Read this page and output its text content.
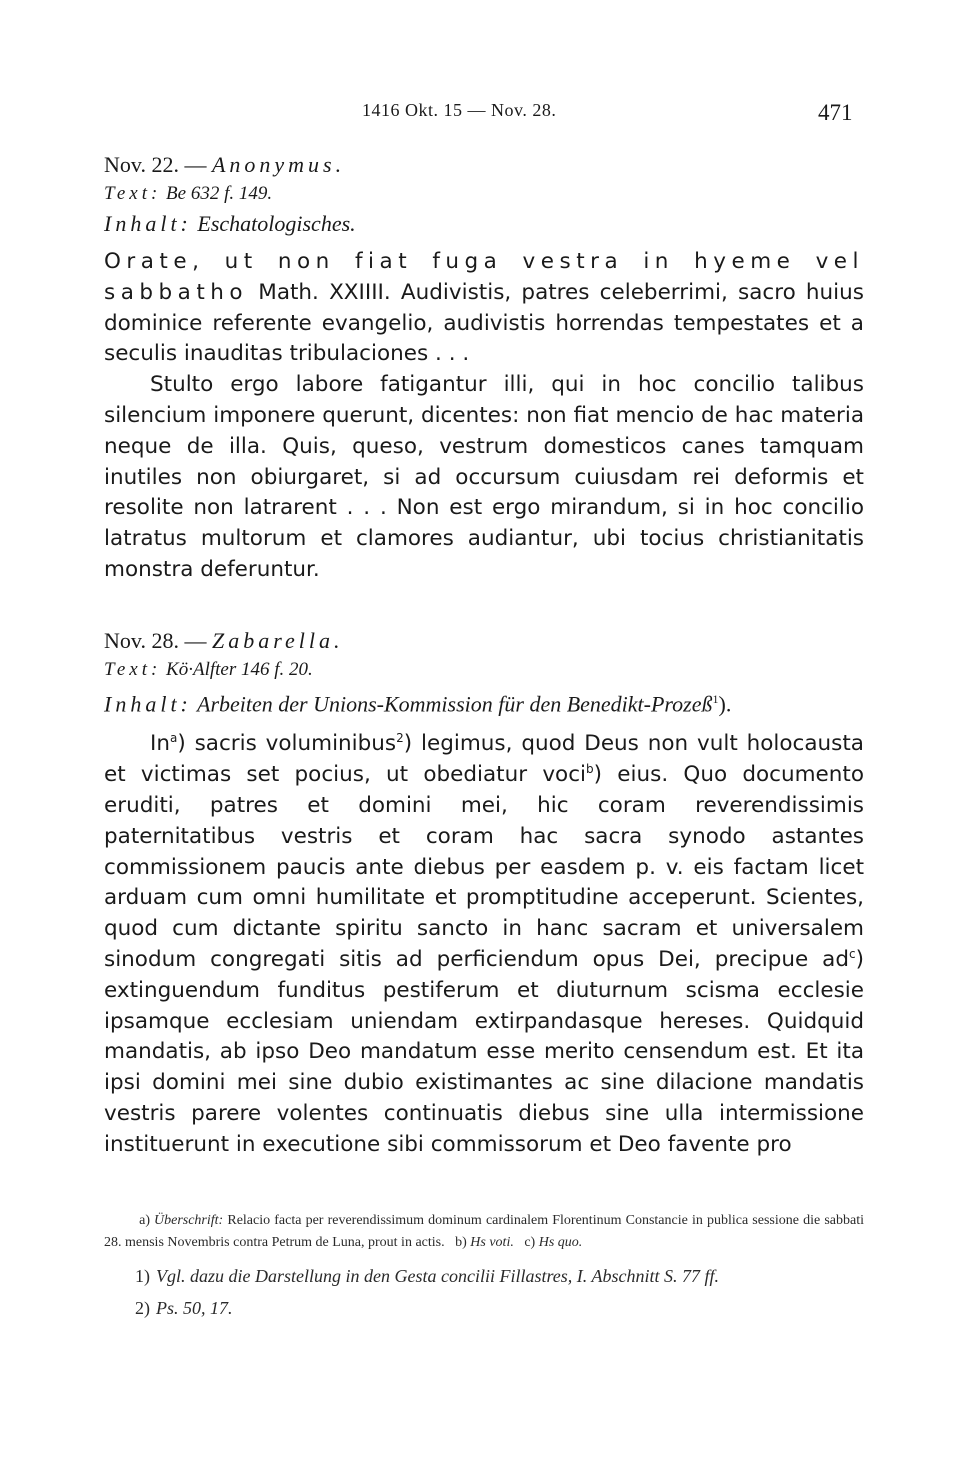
1416 Okt. 15 — Nov. 28.	471
Nov. 22. — Anonymus.
Text: Be 632 f. 149.
Inhalt: Eschatologisches.

Orate, ut non fiat fuga vestra in hyeme vel sabbatho Math. XXIIII. Audivistis, patres celeberrimi, sacro huius dominice referente evangelio, audivistis horrendas tempestates et a seculis inauditas tribulaciones . . .

Stulto ergo labore fatigantur illi, qui in hoc concilio talibus silencium imponere querunt, dicentes: non fiat mencio de hac materia neque de illa. Quis, queso, vestrum domesticos canes tamquam inutiles non obiurgaret, si ad occursum cuiusdam rei deformis et resolite non latrarent . . . Non est ergo mirandum, si in hoc concilio latratus multorum et clamores audiantur, ubi tocius christianitatis monstra deferuntur.

Nov. 28. — Zabarella.
Text: Kö·Alfter 146 f. 20.
Inhalt: Arbeiten der Unions-Kommission für den Benedikt-Prozeß$^1$).

In$^a$) sacris voluminibus$^2$) legimus, quod Deus non vult holocausta et victimas set pocius, ut obediatur voci$^b$) eius. Quo documento eruditi, patres et domini mei, hic coram reverendissimis paternitatibus vestris et coram hac sacra synodo astantes commissionem paucis ante diebus per easdem p. v. eis factam licet arduam cum omni humilitate et promptitudine acceperunt. Scientes, quod cum dictante spiritu sancto in hanc sacram et universalem sinodum congregati sitis ad perficiendum opus Dei, precipue $ad^c$) extinguendum funditus pestiferum et diuturnum scisma ecclesie ipsamque ecclesiam uniendam extirpandasque hereses. Quidquid mandatis, ab ipso Deo mandatum esse merito censendum est. Et ita ipsi domini mei sine dubio existimantes ac sine dilacione mandatis vestris parere volentes continuatis diebus sine ulla intermissione instituerunt in executione sibi commissorum et Deo favente pro

a) Überschrift: Relacio facta per reverendissimum dominum cardinalem Florentinum Constancie in publica sessione die sabbati 28. mensis Novembris contra Petrum de Luna, prout in actis. b) Hs voti. c) Hs quo.
1) Vgl. dazu die Darstellung in den Gesta concilii Fillastres, I. Abschnitt S. 77 ff.
2) Ps. 50, 17.
